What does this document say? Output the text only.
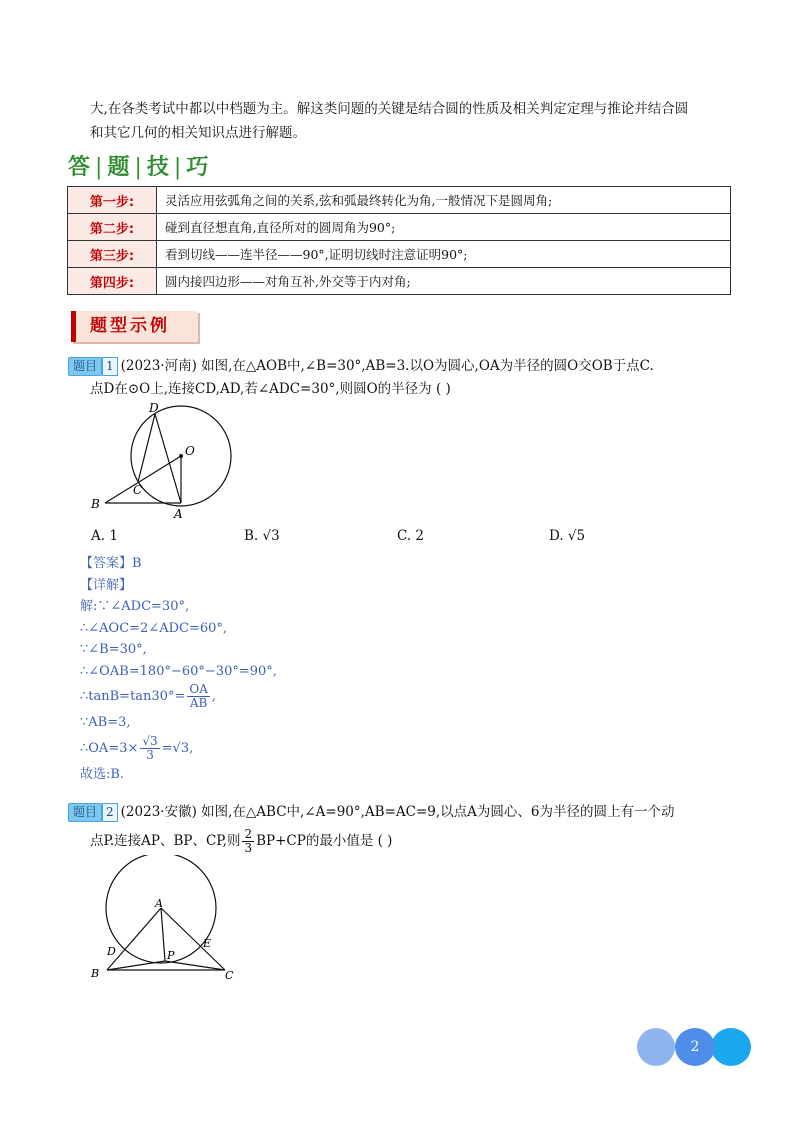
大,在各类考试中都以中档题为主。解这类问题的关键是结合圆的性质及相关判定定理与推论并结合圆
和其它几何的相关知识点进行解题。
答 | 题 | 技 | 巧
第一步:	灵活应用弦弧角之间的关系,弦和弧最终转化为角,一般情况下是圆周角;
第二步:	碰到直径想直角,直径所对的圆周角为90°;
第三步:	看到切线——连半径——90°,证明切线时注意证明90°;
第四步:	圆内接四边形——对角互补,外交等于内对角;
题型示例
题目 1 (2023·河南) 如图,在△AOB中,∠B=30°,AB=3.以O为圆心,OA为半径的圆O交OB于点C.
点D在⊙O上,连接CD,AD,若∠ADC=30°,则圆O的半径为 ( )
D
O
C
B
A
A. 1	B. √3	C. 2	D. √5
【答案】B
【详解】
解:∵∠ADC=30°,
∴∠AOC=2∠ADC=60°,
∵∠B=30°,
∴∠OAB=180°−60°−30°=90°,
∴tanB=tan30°= $\frac{OA}{AB}$ ,
∵AB=3,
∴OA=3× $\frac{√3}{3} =√3$,
故选:B.
题目 2 (2023·安徽) 如图,在△ABC中,∠A=90°,AB=AC=9,以点A为圆心、6为半径的圆上有一个动
点P.连接AP、BP、CP,则 $\frac{2}{3} BP+CP$的最小值是 ( )
A
D
E
P
B	C
2
